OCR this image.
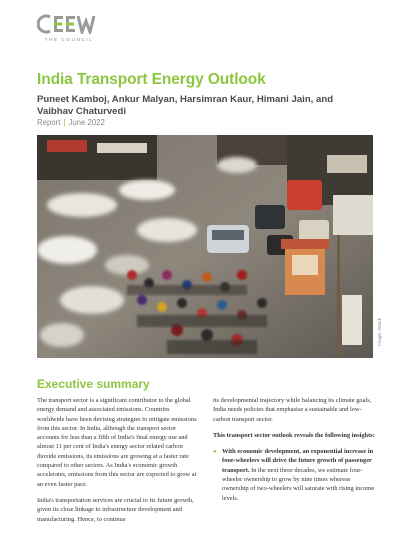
THE COUNCIL
India Transport Energy Outlook
Puneet Kamboj, Ankur Malyan, Harsimran Kaur, Himani Jain, and Vaibhav Chaturvedi
Report | June 2022
Image: iStock
Executive summary

The transport sector is a significant contributor to the global energy demand and associated emissions. Countries worldwide have been devising strategies to mitigate emissions from this sector. In India, although the transport sector accounts for less than a fifth of India's final energy use and almost 11 per cent of India's energy sector related carbon dioxide emissions, its emissions are growing at a faster rate compared to other sectors. As India's economic growth accelerates, emissions from this sector are expected to grow at an even faster pace.

India's transportation services are crucial to its future growth, given its close linkage to infrastructure development and manufacturing. Hence, to continue

its developmental trajectory while balancing its climate goals, India needs policies that emphasise a sustainable and low-carbon transport sector.

This transport sector outlook reveals the following insights:

● With economic development, an exponential increase in four-wheelers will drive the future growth of passenger transport. In the next three decades, we estimate four-wheeler ownership to grow by nine times whereas ownership of two-wheelers will saturate with rising income levels.
